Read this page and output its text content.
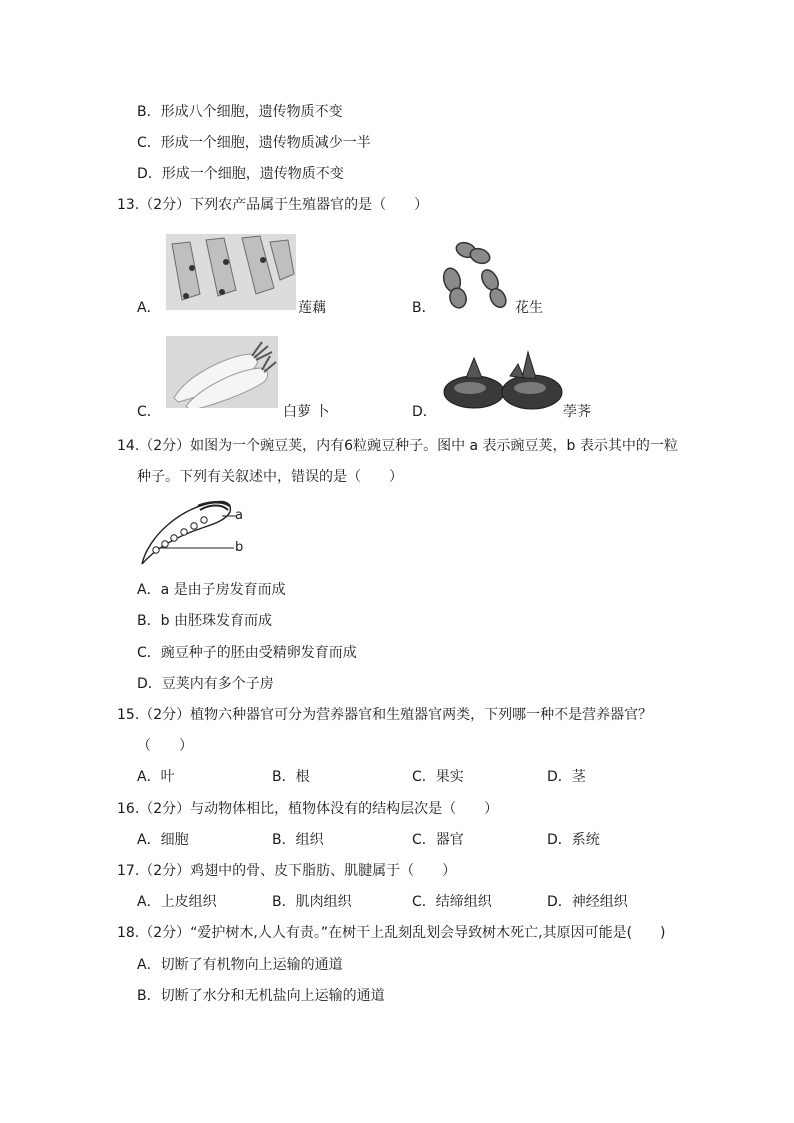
B．形成八个细胞，遗传物质不变
C．形成一个细胞，遗传物质减少一半
D．形成一个细胞，遗传物质不变
13.（2分）下列农产品属于生殖器官的是（　　）
A．	莲藕	B．	花生
C．	白萝 卜	D．	荸荠
14.（2分）如图为一个豌豆荚，内有6粒豌豆种子。图中 a 表示豌豆荚，b 表示其中的一粒
种子。下列有关叙述中，错误的是（　　）
a
b
A．a 是由子房发育而成
B．b 由胚珠发育而成
C．豌豆种子的胚由受精卵发育而成
D．豆荚内有多个子房
15.（2分）植物六种器官可分为营养器官和生殖器官两类，下列哪一种不是营养器官？
（　　）
A．叶	B．根	C．果实	D．茎
16.（2分）与动物体相比，植物体没有的结构层次是（　　）
A．细胞	B．组织	C．器官	D．系统
17.（2分）鸡翅中的骨、皮下脂肪、肌腱属于（　　）
A．上皮组织	B．肌肉组织	C．结缔组织	D．神经组织
18.（2分）“爱护树木,人人有责。”在树干上乱刻乱划会导致树木死亡,其原因可能是(　　)
A．切断了有机物向上运输的通道
B．切断了水分和无机盐向上运输的通道
